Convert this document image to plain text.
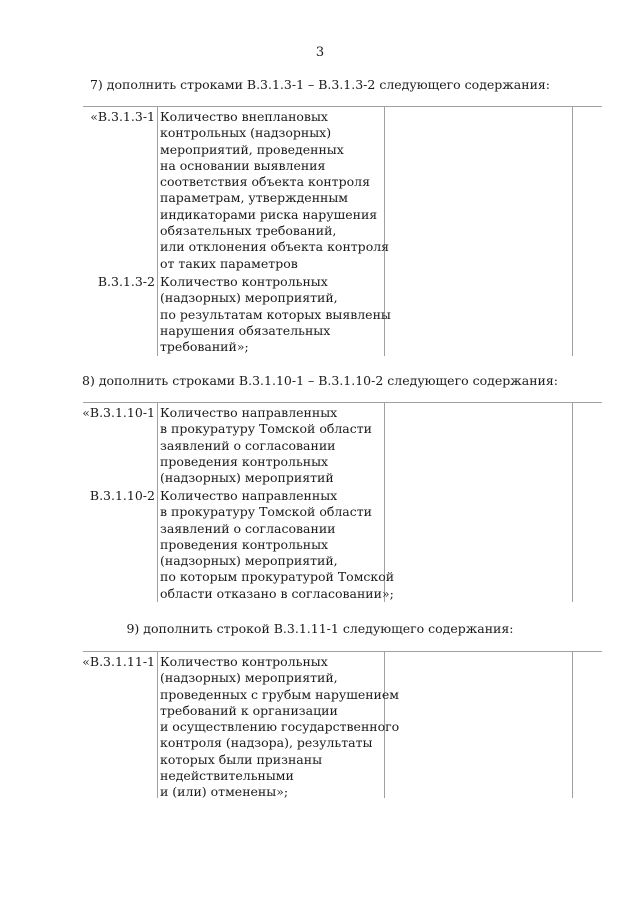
3
7) дополнить строками В.3.1.3-1 – В.3.1.3-2 следующего содержания:
«В.3.1.3-1 Количество внеплановых
контрольных (надзорных)
мероприятий, проведенных
на основании выявления
соответствия объекта контроля
параметрам, утвержденным
индикаторами риска нарушения
обязательных требований,
или отклонения объекта контроля
от таких параметров
В.3.1.3-2 Количество контрольных
(надзорных) мероприятий,
по результатам которых выявлены
нарушения обязательных
требований»;
8) дополнить строками В.3.1.10-1 – В.3.1.10-2 следующего содержания:
«В.3.1.10-1 Количество направленных
в прокуратуру Томской области
заявлений о согласовании
проведения контрольных
(надзорных) мероприятий
В.3.1.10-2 Количество направленных
в прокуратуру Томской области
заявлений о согласовании
проведения контрольных
(надзорных) мероприятий,
по которым прокуратурой Томской
области отказано в согласовании»;
9) дополнить строкой В.3.1.11-1 следующего содержания:
«В.3.1.11-1 Количество контрольных
(надзорных) мероприятий,
проведенных с грубым нарушением
требований к организации
и осуществлению государственного
контроля (надзора), результаты
которых были признаны
недействительными
и (или) отменены»;
